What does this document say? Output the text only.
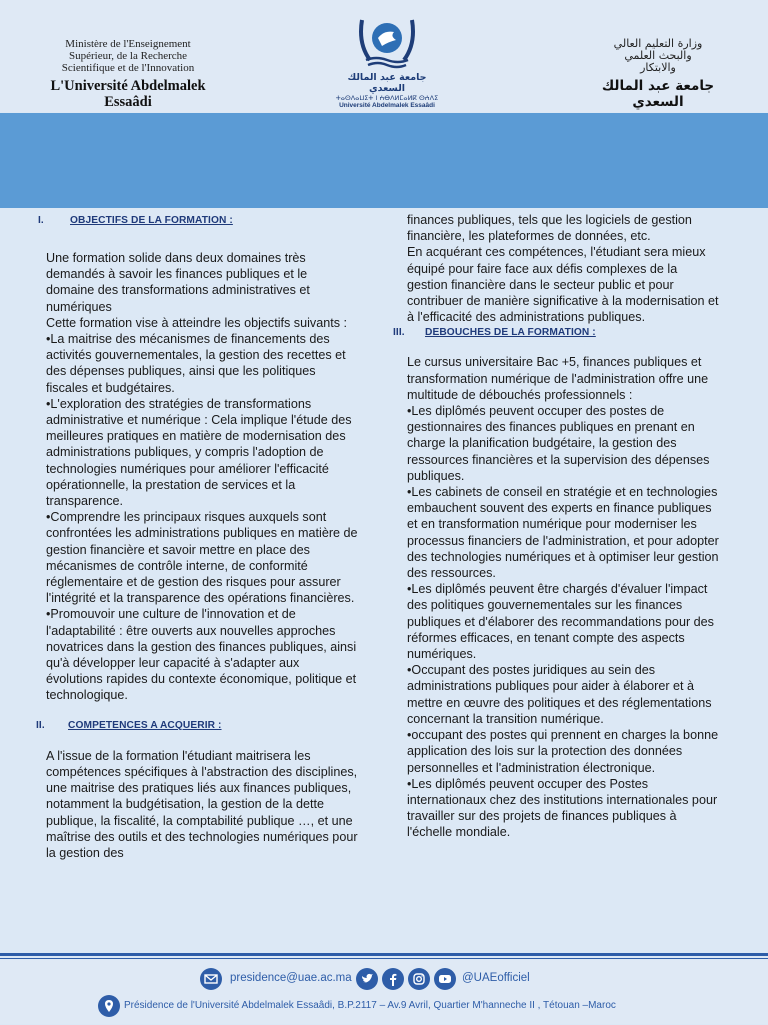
Ministère de l'Enseignement
Supérieur, de la Recherche
Scientifique et de l'Innovation
L'Université Abdelmalek Essaâdi
جامعة عبد المالك السعدي
ⵜⴰⵙⴷⴰⵡⵉⵜ ⵏ ⵄⴱⴷⵍⵎⴰⵍⴽ ⵙⵄⴷⵉ
Université Abdelmalek Essaâdi
وزارة التعليم العالي
والبحث العلمي
والابتكار
جامعة عبد المالك السعدي
I.	OBJECTIFS DE LA FORMATION :

Une formation solide dans deux domaines très demandés à savoir les finances publiques et le domaine des transformations administratives et numériques

Cette formation vise à atteindre les objectifs suivants :

•La maitrise des mécanismes de financements des activités gouvernementales, la gestion des recettes et des dépenses publiques, ainsi que les politiques fiscales et budgétaires.

•L'exploration des stratégies de transformations administrative et numérique : Cela implique l'étude des meilleures pratiques en matière de modernisation des administrations publiques, y compris l'adoption de technologies numériques pour améliorer l'efficacité opérationnelle, la prestation de services et la transparence.

•Comprendre les principaux risques auxquels sont confrontées les administrations publiques en matière de gestion financière et savoir mettre en place des mécanismes de contrôle interne, de conformité réglementaire et de gestion des risques pour assurer l'intégrité et la transparence des opérations financières.

•Promouvoir une culture de l'innovation et de l'adaptabilité : être ouverts aux nouvelles approches novatrices dans la gestion des finances publiques, ainsi qu'à développer leur capacité à s'adapter aux évolutions rapides du contexte économique, politique et technologique.

II. COMPETENCES A ACQUERIR :

A l'issue de la formation l'étudiant maitrisera les compétences spécifiques à l'abstraction des disciplines, une maitrise des pratiques liés aux finances publiques, notamment la budgétisation, la gestion de la dette publique, la fiscalité, la comptabilité publique …, et une maîtrise des outils et des technologies numériques pour la gestion des

finances publiques, tels que les logiciels de gestion financière, les plateformes de données, etc.

En acquérant ces compétences, l'étudiant sera mieux équipé pour faire face aux défis complexes de la gestion financière dans le secteur public et pour contribuer de manière significative à la modernisation et à l'efficacité des administrations publiques.

III. DEBOUCHES DE LA FORMATION :

Le cursus universitaire Bac +5, finances publiques et transformation numérique de l'administration offre une multitude de débouchés professionnels :

•Les diplômés peuvent occuper des postes de gestionnaires des finances publiques en prenant en charge la planification budgétaire, la gestion des ressources financières et la supervision des dépenses publiques.

•Les cabinets de conseil en stratégie et en technologies embauchent souvent des experts en finance publiques et en transformation numérique pour moderniser les processus financiers de l'administration, et pour adopter des technologies numériques et à optimiser leur gestion des ressources.

•Les diplômés peuvent être chargés d'évaluer l'impact des politiques gouvernementales sur les finances publiques et d'élaborer des recommandations pour des réformes efficaces, en tenant compte des aspects numériques.

•Occupant des postes juridiques au sein des administrations publiques pour aider à élaborer et à mettre en œuvre des politiques et des réglementations concernant la transition numérique.

•occupant des postes qui prennent en charges la bonne application des lois sur la protection des données personnelles et l'administration électronique.

•Les diplômés peuvent occuper des Postes internationaux chez des institutions internationales pour travailler sur des projets de finances publiques à l'échelle mondiale.

presidence@uae.ac.ma	@UAEofficiel
Présidence de l'Université Abdelmalek Essaâdi, B.P.2117 – Av.9 Avril, Quartier M'hanneche II , Tétouan –Maroc
